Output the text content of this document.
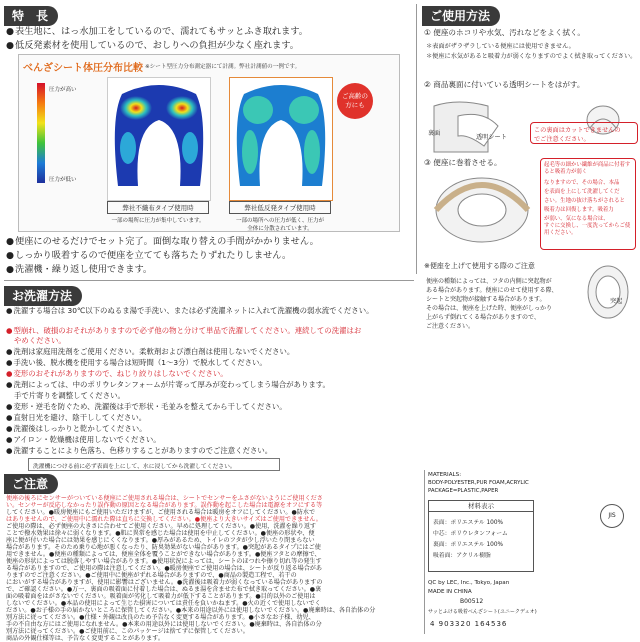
特　長
● 表生地に、はっ水加工をしているので、濡れてもサッとふき取れます。
● 低反発素材を使用しているので、おしりへの負担が少なく座れます。
べんざシート体圧分布比較 ※シート型圧力分布測定器にて計測。弊社計測値の一例です。
圧力が高い
圧力が低い
弊社不織布タイプ使用時
一部の場所に圧力が集中しています。
弊社低反発タイプ使用時
一部の場所への圧力が低く、圧力が
全体に分散されています。
ご高齢の
方にも
● 便座にのせるだけでセット完了。面倒な取り替えの手間がかかりません。
● しっかり吸着するので便座を立てても落ちたりずれたりしません。
● 洗濯機・繰り返し使用できます。
ご使用方法
① 便座のホコリや水気、汚れなどをよく拭く。
＊表面がザラザラしている便座には使用できません。
＊便座に水気があると吸着力が弱くなりますのでよく拭き取ってください。
② 商品裏面に付いている透明シートをはがす。
裏面
透明シート
この裏面はカットできませんの
でご注意ください。
③ 便座に巻着させる。	起毛等の細かい繊維が商品に付着すると吸着力が弱く
なりますので、その場合、本品
を表面を上にして洗濯してくだ
さい。生地の抜け落ちがされると
吸着力は回復します。吸着力
が弱い、気になる場合は、
すぐに交換し、一度洗ってからご使用ください。
※便座を上げて使用する際のご注意
便座の種類によっては、フタの内側に突起物が
ある場合があります。便座にのせて使用する際、
シートと突起物が接触する場合があります。
その場合は、便座を上げた時、便座がしっかり
上がらず倒れてくる場合がありますので、
ご注意ください。
突起
お洗濯方法
● 洗濯する場合は 30℃以下のぬるま湯で手洗い、または必ず洗濯ネットに入れて洗濯機の弱水流でください。
● 型崩れ、破損のおそれがありますので必ず他の物と分けて単品で洗濯してください。連続しての洗濯はお
やめください。
● 洗剤は家庭用洗剤をご使用ください。柔軟剤および漂白剤は使用しないでください。
● 手洗い後、脱水機を使用する場合は短時間（1～3分）で脱水してください。
● 変形のおそれがありますので、ねじり絞りはしないでください。
● 洗剤によっては、中のポリウレタンフォームが片寄って厚みが変わってしまう場合があります。
手で片寄りを調整してください。
● 変形・逆毛を防ぐため、洗濯後は手で形状・毛並みを整えてから干してください。
● 直射日光を避け、陰干ししてください。
● 洗濯後はしっかりと乾かしてください。
● アイロン・乾燥機は使用しないでください。
● 洗濯することにより色落ち、色移りすることがありますのでご注意ください。
洗濯機につける前に必ず表面を上にして、水に浸してから洗濯してください。
ご注意
便座の後ろにセンサーがついている便座にご使用される場合は、シートでセンサーをふさがないようにご使用くださ
い。センサーが反応しなかったり誤作動の原因となる場合があります。誤作動を起こした場合は電源をオフにする等
してください。●暖房便座にもご使用いただけますが、ご使用される場合は暖房をオフにしてください。●防水で
はありませんので、ご使用中に濡れた際は直ちに交換してください。●便座より大きいサイズはご使用できません。
ご使用の際は、必ず便座の大きさに合わせてご使用ください。早めに処理してください。●使用、洗濯を繰り返す
ことで撥水効果は徐々に弱くなります。●肌に異常を感じた場合は使用を中止してください。●便座の形状や、便
座に便が付いた場合には効果を感じにくくなります。●厚みがあるため、トイレのフタが少し浮いたり閉まらない
場合があります。そのため乗り心地が悪くなったり、防臭効果がない場合があります。●突起があるタイプにはご使
用できません。●便座の種類によっては、便座全体を覆うことができない場合があります。●便座フタとの摩擦で、
便座の形状によっては脱落しやすい場合があります。●使用状況によっては、シートのほつれや擦り切れ等の発生す
る場合がありますので、ご使用の際は注意してください。●暖房便座でご使用の場合は、シートが反り返る場合があ
りますのでご注意ください。●ご使用中に便座がずれる場合がありますので、●商品の製造工程で、若干の
においがする場合がありますが、使用に影響はございません。●洗濯後は吸着力が弱くなっている場合がありますの
で、ご確認ください。●万一、裏面の吸着面に付着した場合は、ぬるま湯を含ませた布で拭き取ってください。●裏
面の吸着面をはがさないでください。吸着面が劣化して吸着力が低下することがあります。●目的以外のご使用は
しないでください。●本品の使用によって生じた損害については責任を負いかねます。●火の近くで使用しないでく
ださい。●お子様の手の届かないところに保管してください。●本来の用途以外には使用しないでください。●廃棄時は、各自治体の分
別方法に従ってください。●仕様・外観は改良のため予告なく変更する場合があります。●小さなお子様、幼児、
手の不自由な方にはご使用になれません。●本来の用途以外には使用しないでください。●廃棄時は、各自治体の分
別方法に従ってください。●ご使用前に、このパッケージは捨てずに保管してください。
商品の外観仕様等は、予告なく変更することがあります。
MATERIALS:
BODY-POLYESTER,PUR FOAM,ACRYLIC
PACKAGE=PLASTIC,PAPER
材料表示
表面：ポリエステル 100%
中芯：ポリウレタンフォーム
裏面：ポリエステル 100%
吸着面：アクリル樹脂
QC by LEC, Inc., Tokyo, Japan
MADE IN CHINA
B00512
サッとふける吸着べんざシート(ユニークデュオ)
4 903320 164536
JIS
